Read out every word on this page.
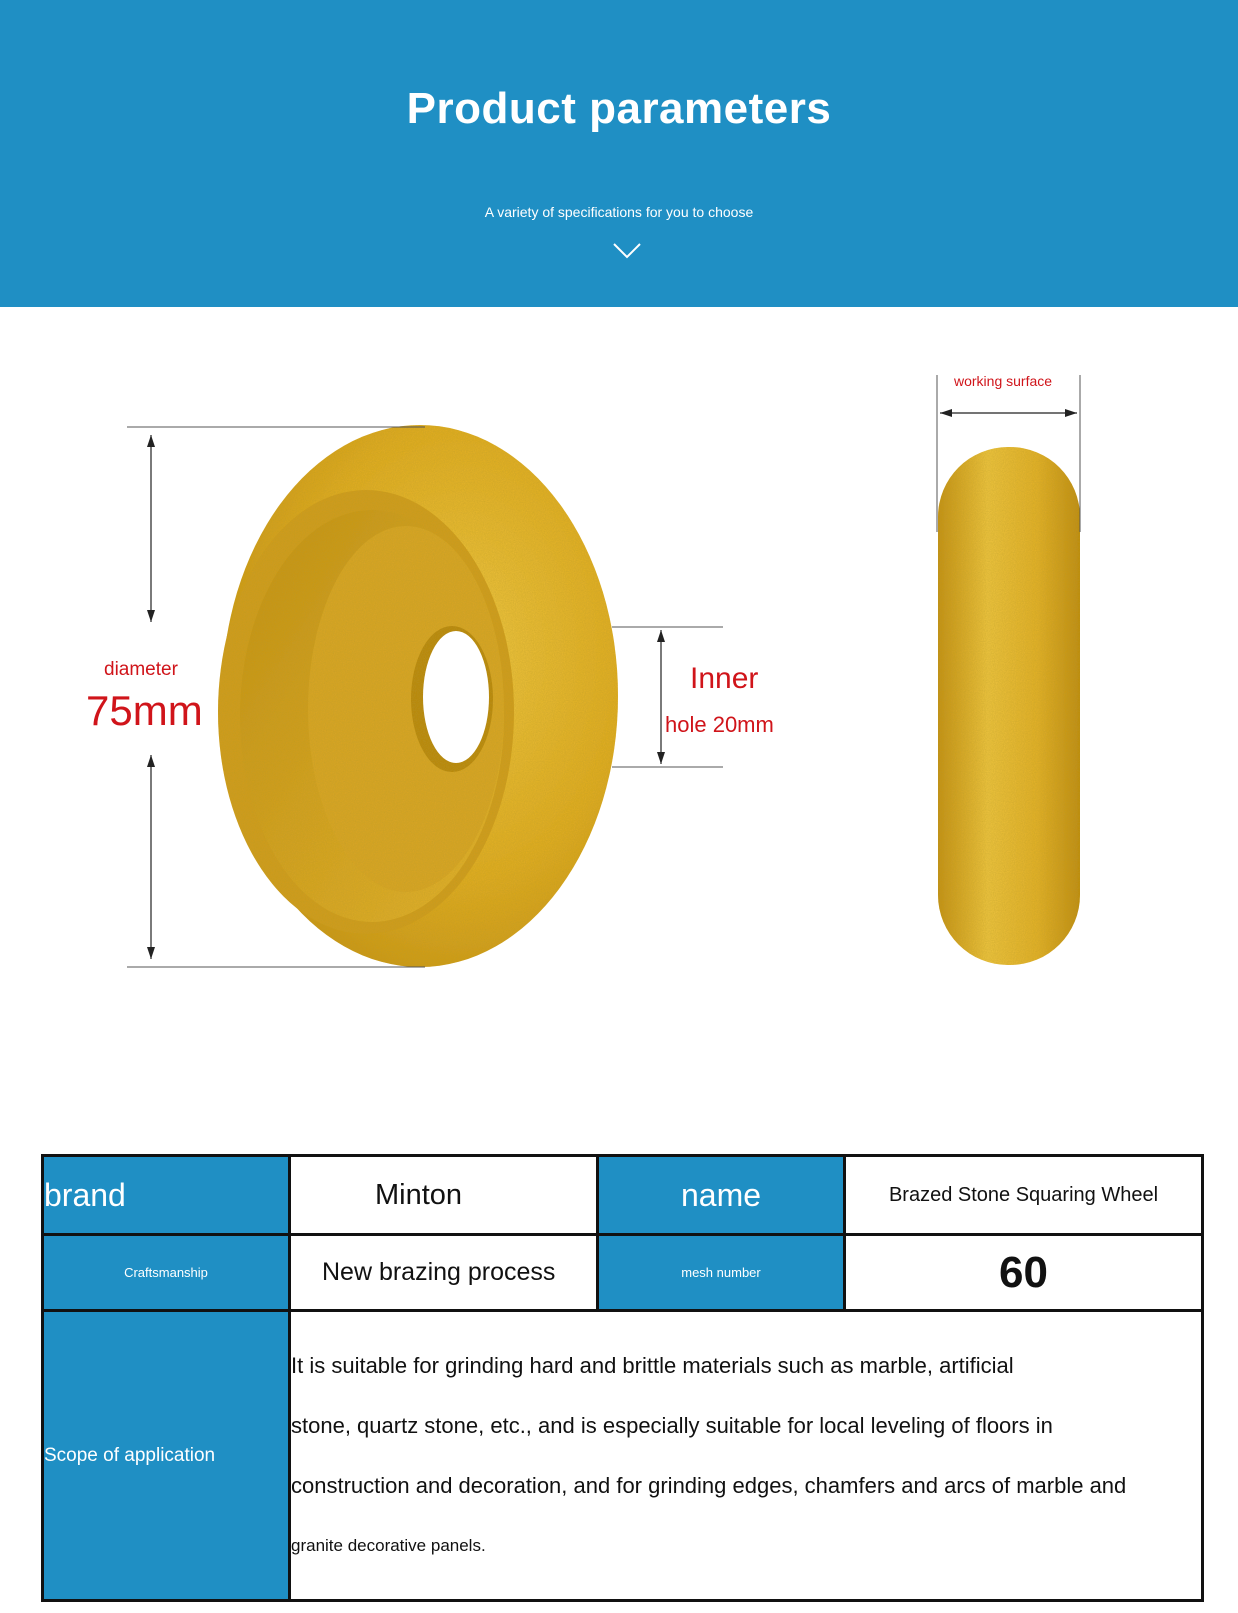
Product parameters
A variety of specifications for you to choose
diameter
75mm
Inner
hole 20mm
working surface
brand	Minton	name	Brazed Stone Squaring Wheel
Craftsmanship	New brazing process	mesh number	60
Scope of application	It is suitable for grinding hard and brittle materials such as marble, artificial
stone, quartz stone, etc., and is especially suitable for local leveling of floors in
construction and decoration, and for grinding edges, chamfers and arcs of marble and
granite decorative panels.		
